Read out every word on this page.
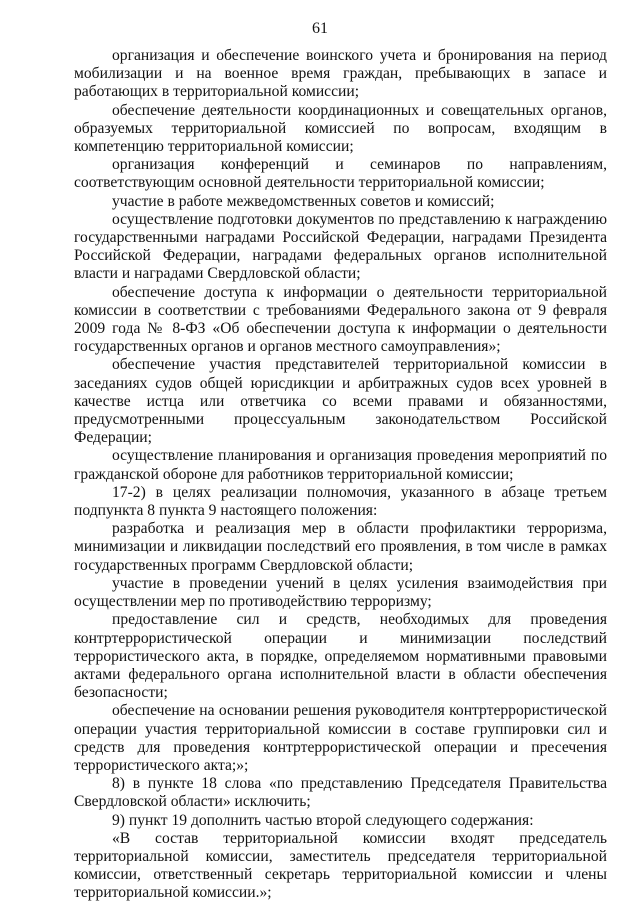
61

организация и обеспечение воинского учета и бронирования на период мобилизации и на военное время граждан, пребывающих в запасе и работающих в территориальной комиссии;

обеспечение деятельности координационных и совещательных органов, образуемых территориальной комиссией по вопросам, входящим в компетенцию территориальной комиссии;

организация конференций и семинаров по направлениям, соответствующим основной деятельности территориальной комиссии;

участие в работе межведомственных советов и комиссий;

осуществление подготовки документов по представлению к награждению государственными наградами Российской Федерации, наградами Президента Российской Федерации, наградами федеральных органов исполнительной власти и наградами Свердловской области;

обеспечение доступа к информации о деятельности территориальной комиссии в соответствии с требованиями Федерального закона от 9 февраля 2009 года № 8-ФЗ «Об обеспечении доступа к информации о деятельности государственных органов и органов местного самоуправления»;

обеспечение участия представителей территориальной комиссии в заседаниях судов общей юрисдикции и арбитражных судов всех уровней в качестве истца или ответчика со всеми правами и обязанностями, предусмотренными процессуальным законодательством Российской Федерации;

осуществление планирования и организация проведения мероприятий по гражданской обороне для работников территориальной комиссии;

17-2) в целях реализации полномочия, указанного в абзаце третьем подпункта 8 пункта 9 настоящего положения:

разработка и реализация мер в области профилактики терроризма, минимизации и ликвидации последствий его проявления, в том числе в рамках государственных программ Свердловской области;

участие в проведении учений в целях усиления взаимодействия при осуществлении мер по противодействию терроризму;

предоставление сил и средств, необходимых для проведения контртеррористической операции и минимизации последствий террористического акта, в порядке, определяемом нормативными правовыми актами федерального органа исполнительной власти в области обеспечения безопасности;

обеспечение на основании решения руководителя контртеррористической операции участия территориальной комиссии в составе группировки сил и средств для проведения контртеррористической операции и пресечения террористического акта;»;

8) в пункте 18 слова «по представлению Председателя Правительства Свердловской области» исключить;

9) пункт 19 дополнить частью второй следующего содержания:

«В состав территориальной комиссии входят председатель территориальной комиссии, заместитель председателя территориальной комиссии, ответственный секретарь территориальной комиссии и члены территориальной комиссии.»;
